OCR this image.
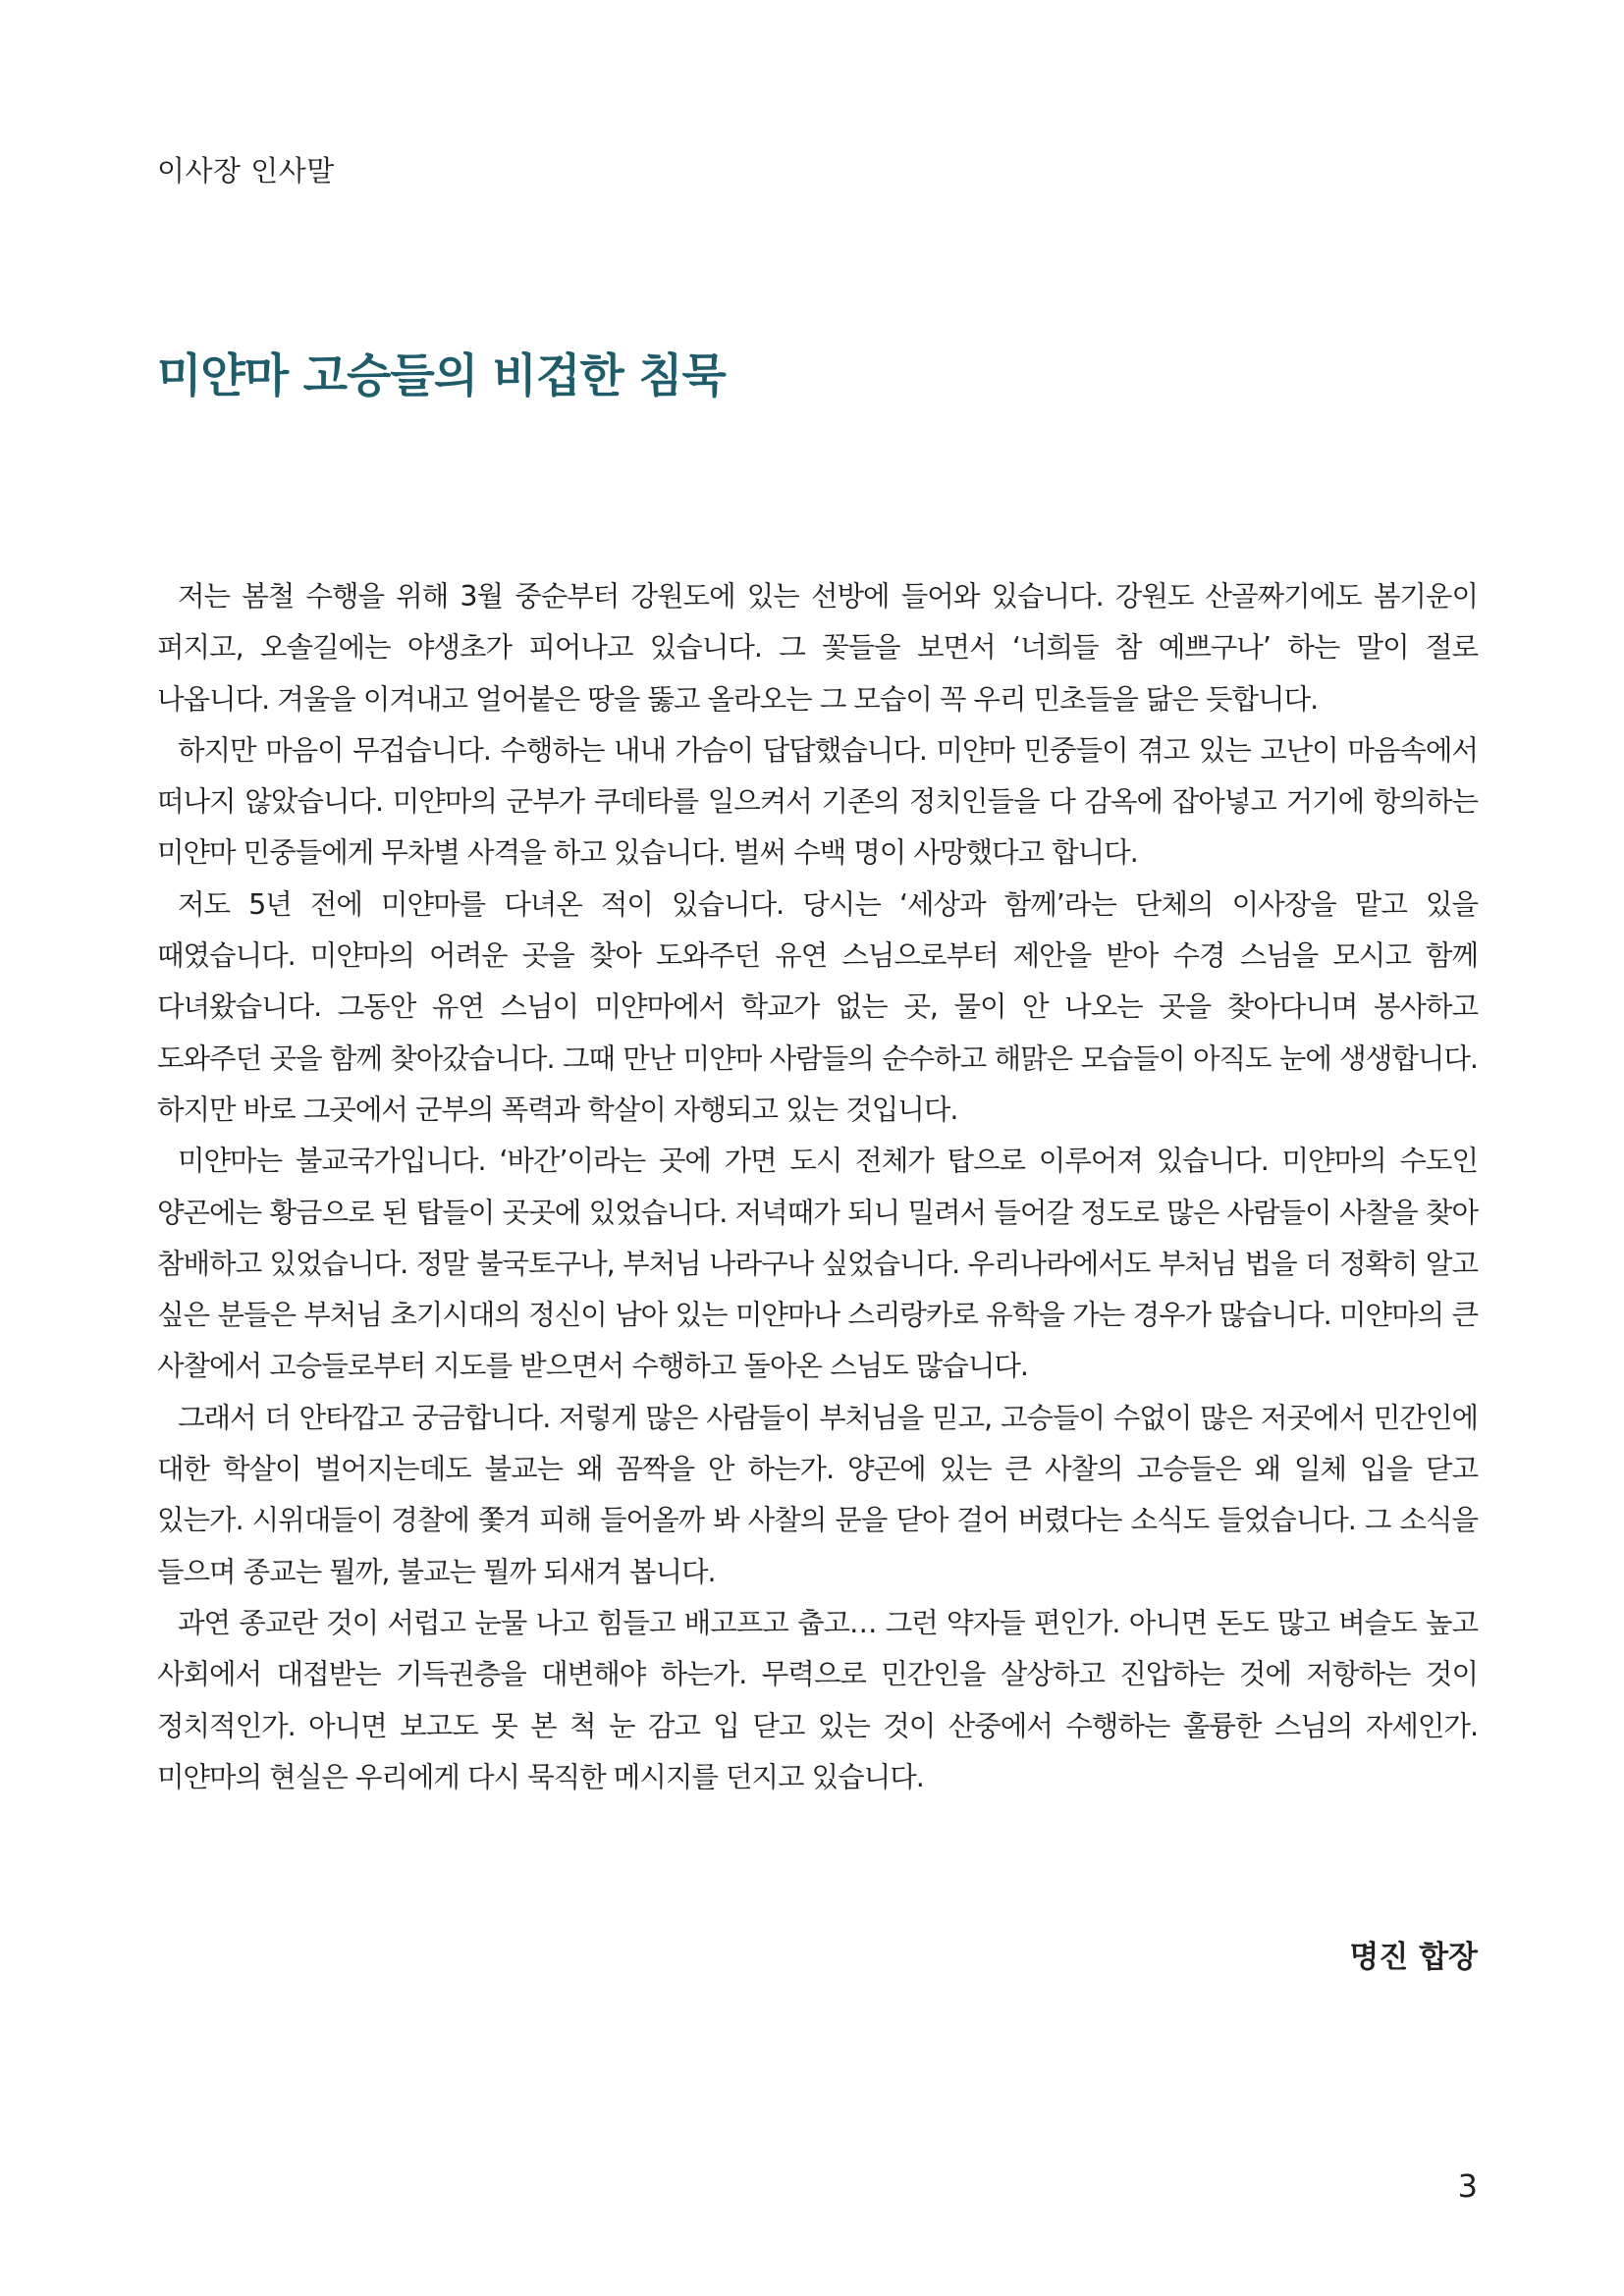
이사장 인사말
미얀마 고승들의 비겁한 침묵

저는 봄철 수행을 위해 3월 중순부터 강원도에 있는 선방에 들어와 있습니다. 강원도 산골짜기에도 봄기운이 퍼지고, 오솔길에는 야생초가 피어나고 있습니다. 그 꽃들을 보면서 ‘너희들 참 예쁘구나’ 하는 말이 절로 나옵니다. 겨울을 이겨내고 얼어붙은 땅을 뚫고 올라오는 그 모습이 꼭 우리 민초들을 닮은 듯합니다.

하지만 마음이 무겁습니다. 수행하는 내내 가슴이 답답했습니다. 미얀마 민중들이 겪고 있는 고난이 마음속에서 떠나지 않았습니다. 미얀마의 군부가 쿠데타를 일으켜서 기존의 정치인들을 다 감옥에 잡아넣고 거기에 항의하는 미얀마 민중들에게 무차별 사격을 하고 있습니다. 벌써 수백 명이 사망했다고 합니다.

저도 5년 전에 미얀마를 다녀온 적이 있습니다. 당시는 ‘세상과 함께’라는 단체의 이사장을 맡고 있을 때였습니다. 미얀마의 어려운 곳을 찾아 도와주던 유연 스님으로부터 제안을 받아 수경 스님을 모시고 함께 다녀왔습니다. 그동안 유연 스님이 미얀마에서 학교가 없는 곳, 물이 안 나오는 곳을 찾아다니며 봉사하고 도와주던 곳을 함께 찾아갔습니다. 그때 만난 미얀마 사람들의 순수하고 해맑은 모습들이 아직도 눈에 생생합니다. 하지만 바로 그곳에서 군부의 폭력과 학살이 자행되고 있는 것입니다.

미얀마는 불교국가입니다. ‘바간’이라는 곳에 가면 도시 전체가 탑으로 이루어져 있습니다. 미얀마의 수도인 양곤에는 황금으로 된 탑들이 곳곳에 있었습니다. 저녁때가 되니 밀려서 들어갈 정도로 많은 사람들이 사찰을 찾아 참배하고 있었습니다. 정말 불국토구나, 부처님 나라구나 싶었습니다. 우리나라에서도 부처님 법을 더 정확히 알고 싶은 분들은 부처님 초기시대의 정신이 남아 있는 미얀마나 스리랑카로 유학을 가는 경우가 많습니다. 미얀마의 큰 사찰에서 고승들로부터 지도를 받으면서 수행하고 돌아온 스님도 많습니다.

그래서 더 안타깝고 궁금합니다. 저렇게 많은 사람들이 부처님을 믿고, 고승들이 수없이 많은 저곳에서 민간인에 대한 학살이 벌어지는데도 불교는 왜 꼼짝을 안 하는가. 양곤에 있는 큰 사찰의 고승들은 왜 일체 입을 닫고 있는가. 시위대들이 경찰에 쫓겨 피해 들어올까 봐 사찰의 문을 닫아 걸어 버렸다는 소식도 들었습니다. 그 소식을 들으며 종교는 뭘까, 불교는 뭘까 되새겨 봅니다.

과연 종교란 것이 서럽고 눈물 나고 힘들고 배고프고 춥고… 그런 약자들 편인가. 아니면 돈도 많고 벼슬도 높고 사회에서 대접받는 기득권층을 대변해야 하는가. 무력으로 민간인을 살상하고 진압하는 것에 저항하는 것이 정치적인가. 아니면 보고도 못 본 척 눈 감고 입 닫고 있는 것이 산중에서 수행하는 훌륭한 스님의 자세인가. 미얀마의 현실은 우리에게 다시 묵직한 메시지를 던지고 있습니다.

명진 합장
3
